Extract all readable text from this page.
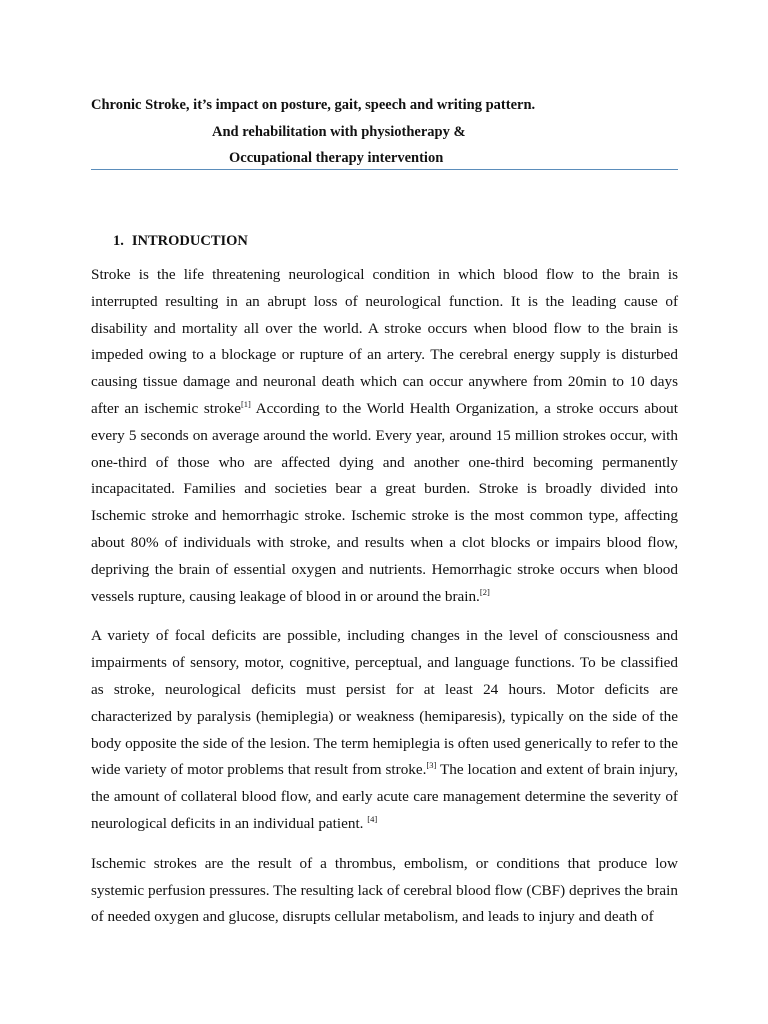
Chronic Stroke, it’s impact on posture, gait, speech and writing pattern.
And rehabilitation with physiotherapy &
Occupational therapy intervention
1. INTRODUCTION

Stroke is the life threatening neurological condition in which blood flow to the brain is interrupted resulting in an abrupt loss of neurological function. It is the leading cause of disability and mortality all over the world. A stroke occurs when blood flow to the brain is impeded owing to a blockage or rupture of an artery. The cerebral energy supply is disturbed causing tissue damage and neuronal death which can occur anywhere from 20min to 10 days after an ischemic stroke[1] According to the World Health Organization, a stroke occurs about every 5 seconds on average around the world. Every year, around 15 million strokes occur, with one-third of those who are affected dying and another one-third becoming permanently incapacitated. Families and societies bear a great burden. Stroke is broadly divided into Ischemic stroke and hemorrhagic stroke. Ischemic stroke is the most common type, affecting about 80% of individuals with stroke, and results when a clot blocks or impairs blood flow, depriving the brain of essential oxygen and nutrients. Hemorrhagic stroke occurs when blood vessels rupture, causing leakage of blood in or around the brain.[2]

A variety of focal deficits are possible, including changes in the level of consciousness and impairments of sensory, motor, cognitive, perceptual, and language functions. To be classified as stroke, neurological deficits must persist for at least 24 hours. Motor deficits are characterized by paralysis (hemiplegia) or weakness (hemiparesis), typically on the side of the body opposite the side of the lesion. The term hemiplegia is often used generically to refer to the wide variety of motor problems that result from stroke.[3] The location and extent of brain injury, the amount of collateral blood flow, and early acute care management determine the severity of neurological deficits in an individual patient. [4]

Ischemic strokes are the result of a thrombus, embolism, or conditions that produce low systemic perfusion pressures. The resulting lack of cerebral blood flow (CBF) deprives the brain of needed oxygen and glucose, disrupts cellular metabolism, and leads to injury and death of
